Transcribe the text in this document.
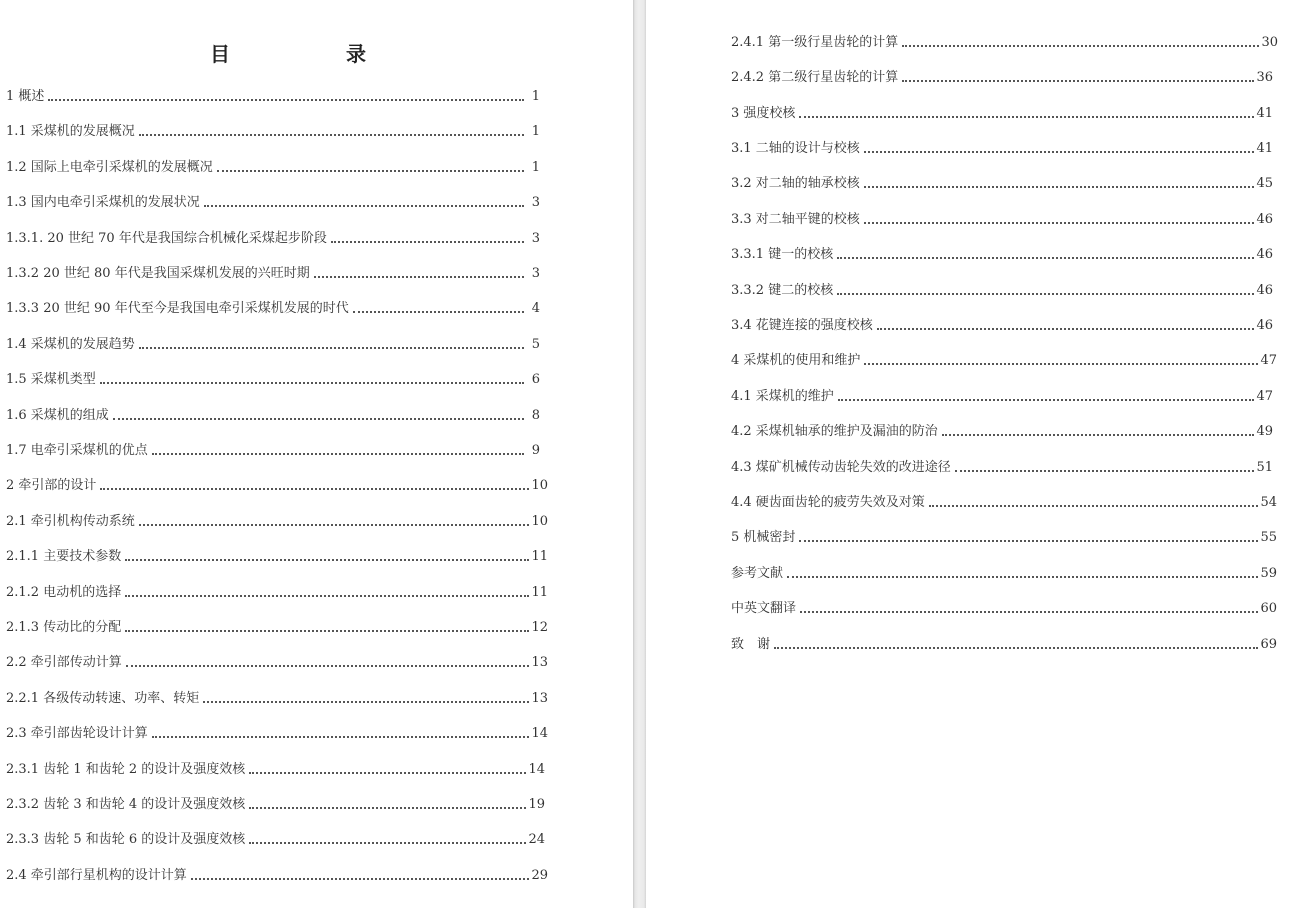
目　录
1 概述	1
1.1 采煤机的发展概况	1
1.2 国际上电牵引采煤机的发展概况	1
1.3 国内电牵引采煤机的发展状况	3
1.3.1. 20 世纪 70 年代是我国综合机械化采煤起步阶段	3
1.3.2 20 世纪 80 年代是我国采煤机发展的兴旺时期	3
1.3.3 20 世纪 90 年代至今是我国电牵引采煤机发展的时代	4
1.4 采煤机的发展趋势	5
1.5 采煤机类型	6
1.6 采煤机的组成	8
1.7 电牵引采煤机的优点	9
2 牵引部的设计	10
2.1 牵引机构传动系统	10
2.1.1 主要技术参数	11
2.1.2 电动机的选择	11
2.1.3 传动比的分配	12
2.2 牵引部传动计算	13
2.2.1 各级传动转速、功率、转矩	13
2.3 牵引部齿轮设计计算	14
2.3.1 齿轮 1 和齿轮 2 的设计及强度效核	14
2.3.2 齿轮 3 和齿轮 4 的设计及强度效核	19
2.3.3 齿轮 5 和齿轮 6 的设计及强度效核	24
2.4 牵引部行星机构的设计计算	29
2.4.1 第一级行星齿轮的计算	30
2.4.2 第二级行星齿轮的计算	36
3 强度校核	41
3.1 二轴的设计与校核	41
3.2 对二轴的轴承校核	45
3.3 对二轴平键的校核	46
3.3.1 键一的校核	46
3.3.2 键二的校核	46
3.4 花键连接的强度校核	46
4 采煤机的使用和维护	47
4.1 采煤机的维护	47
4.2 采煤机轴承的维护及漏油的防治	49
4.3 煤矿机械传动齿轮失效的改进途径	51
4.4 硬齿面齿轮的疲劳失效及对策	54
5 机械密封	55
参考文献	59
中英文翻译	60
致　谢	69
